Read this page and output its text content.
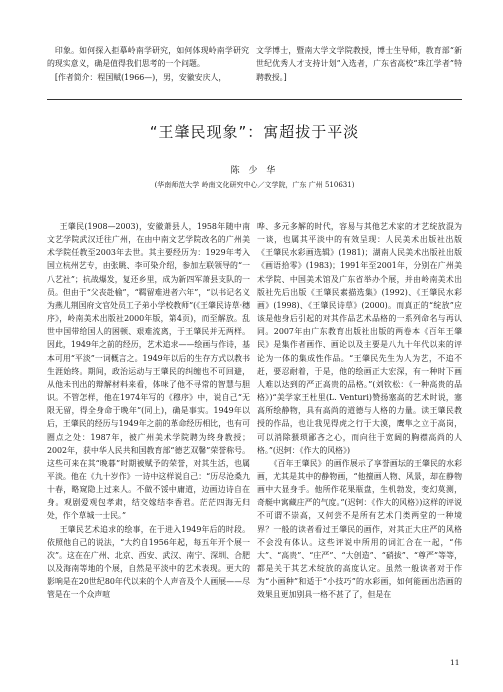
印象。如何探入拒摹岭南学研究，如何体现岭南学研究的现实意义，确是值得我们思考的一个问题。

[作者简介：程国赋(1966—)，男，安徽安庆人，

文学博士，暨南大学文学院教授，博士生导师，教育部“新世纪优秀人才支持计划”入选者，广东省高校“珠江学者”特聘教授。]

“王肇民现象”：寓超拔于平淡
陈 少 华
(华南师范大学 岭南文化研究中心／文学院，广东 广州 510631)

王肇民(1908—2003)，安徽萧县人，1958年随中南文艺学院武汉迁往广州，在由中南文艺学院改名的广州美术学院任教至2003年去世。其主要经历为：1929年考入国立杭州艺专，由张眺、李可染介绍，参加左联领导的“一八艺社”；抗战爆发，复还乡里，成为新四军萧县支队的一员。但由于“父丧赴榆”，“羁留难进者六年”，“以书记名义为燕儿荆国府文官处员工子弟小学校教师”(《王肇民诗草·穗序》，岭南美术出版社2000年版，第4页)，而至解放。乱世中国带给国人的困顿、艰难流离，于王肇民并无两样。因此，1949年之前的经历，艺术追求——绘画与作诗，基本可用“平淡”一词概言之。1949年以后的生存方式以教书生涯始终。期间，政治运动与王肇民的纠缠也不可回避，从他未刊出的辩解材料来看，体味了他不寻常的智慧与胆识。不管怎样，他在1974年写的《穆序》中，说自己“无限无留，得全身命于晚年”(同上)，确是事实。1949年以后，王肇民的经历与1949年之前的革命经历相比，也有可圈点之处：1987年，被广州美术学院聘为终身教授；2002年，获中华人民共和国教育部“德艺双馨”荣誉称号。这些可来在其“晚暮”时期被赋予的荣誉，对其生活，也属平淡。他在《九十岁作》一诗中这样说自己：“历尽沧桑九十春，略窥隐上过来人。不做不馁中庸道，边画边诗自在身。观剧爱观包孝肃，结交嫁结李香君。茫茫四海无归处，作个草城一士民。”

王肇民艺术追求的绘事，在于进入1949年后的时段。依照他自己的说法，“大约自1956年起，每五年开个展一次”。这在在广州、北京、西安、武汉、南宁、深圳、合肥以及海南等地的个展，自然是平淡中的艺术表现。更大的影响是在20世纪80年代以来的个人声音及个人画展——尽管是在一个众声喧

哗、多元多解的时代，容易与其他艺术家的才艺绽放混为一谈，也属其平淡中的有效呈现：人民美术出版社出版《王肇民水彩画选辑》(1981)；湖南人民美术出版社出版《画语拾零》(1983)；1991年至2001年，分别在广州美术学院、中国美术馆及广东省举办个展，并由岭南美术出版社先后出版《王肇民素描选集》(1992)、《王肇民水彩画》(1998)、《王肇民诗草》(2000)。而真正的“绽放”应该是他身后引起的对其作品艺术品格的一系列命名与再认同。2007年由广东教育出版社出版的两卷本《百年王肇民》是集作者画作、画论以及主要是八九十年代以来的评论为一体的集成性作品。“王肇民先生为人为艺，不追不赶，要忍耐着，于是，他的绘画正大宏深，有一种时下画人难以达到的严正高贵的品格。”(刘钦松：《一种高贵的品格》)“美学家王杜里(L. Venturi)赞扬塞高的艺术时说，塞高所绘静物，具有高尚的道德与人格的力量。读王肇民教授的作品，也让我见得虎之行于大漠，鹰隼之立于高岗，可以消除猥琐鄙吝之心，而向往于宽阔的胸襟高尚的人格。”(迟轲：《作大的风格》)

《百年王肇民》的画作展示了享誉画坛的王肇民的水彩画，尤其是其中的静物画，“他擅画人物、风景，却在静物画中大显身手。他所作花果瓶盘，生机勃发，变幻莫测，奇艇中寓藏庄严的气度。”(迟轲：《作大的风格》)这样的评说不可谓不崇高，又何尝不是所有艺术门类两堂的一种境界？一般的读者看过王肇民的画作，对其正大庄严的风格不会没有体认。这些评说中所用的词汇合在一起，“伟大”、“高贵”、“庄严”、“大创造”、“硝拔”、“尊严”等等，都是关于其艺术绽放的高度认定。虽然一般读者对于作为“小画种”和适于“小技巧”的水彩画，如何能画出浩画的效果且更加别具一格不甚了了，但是在

11
